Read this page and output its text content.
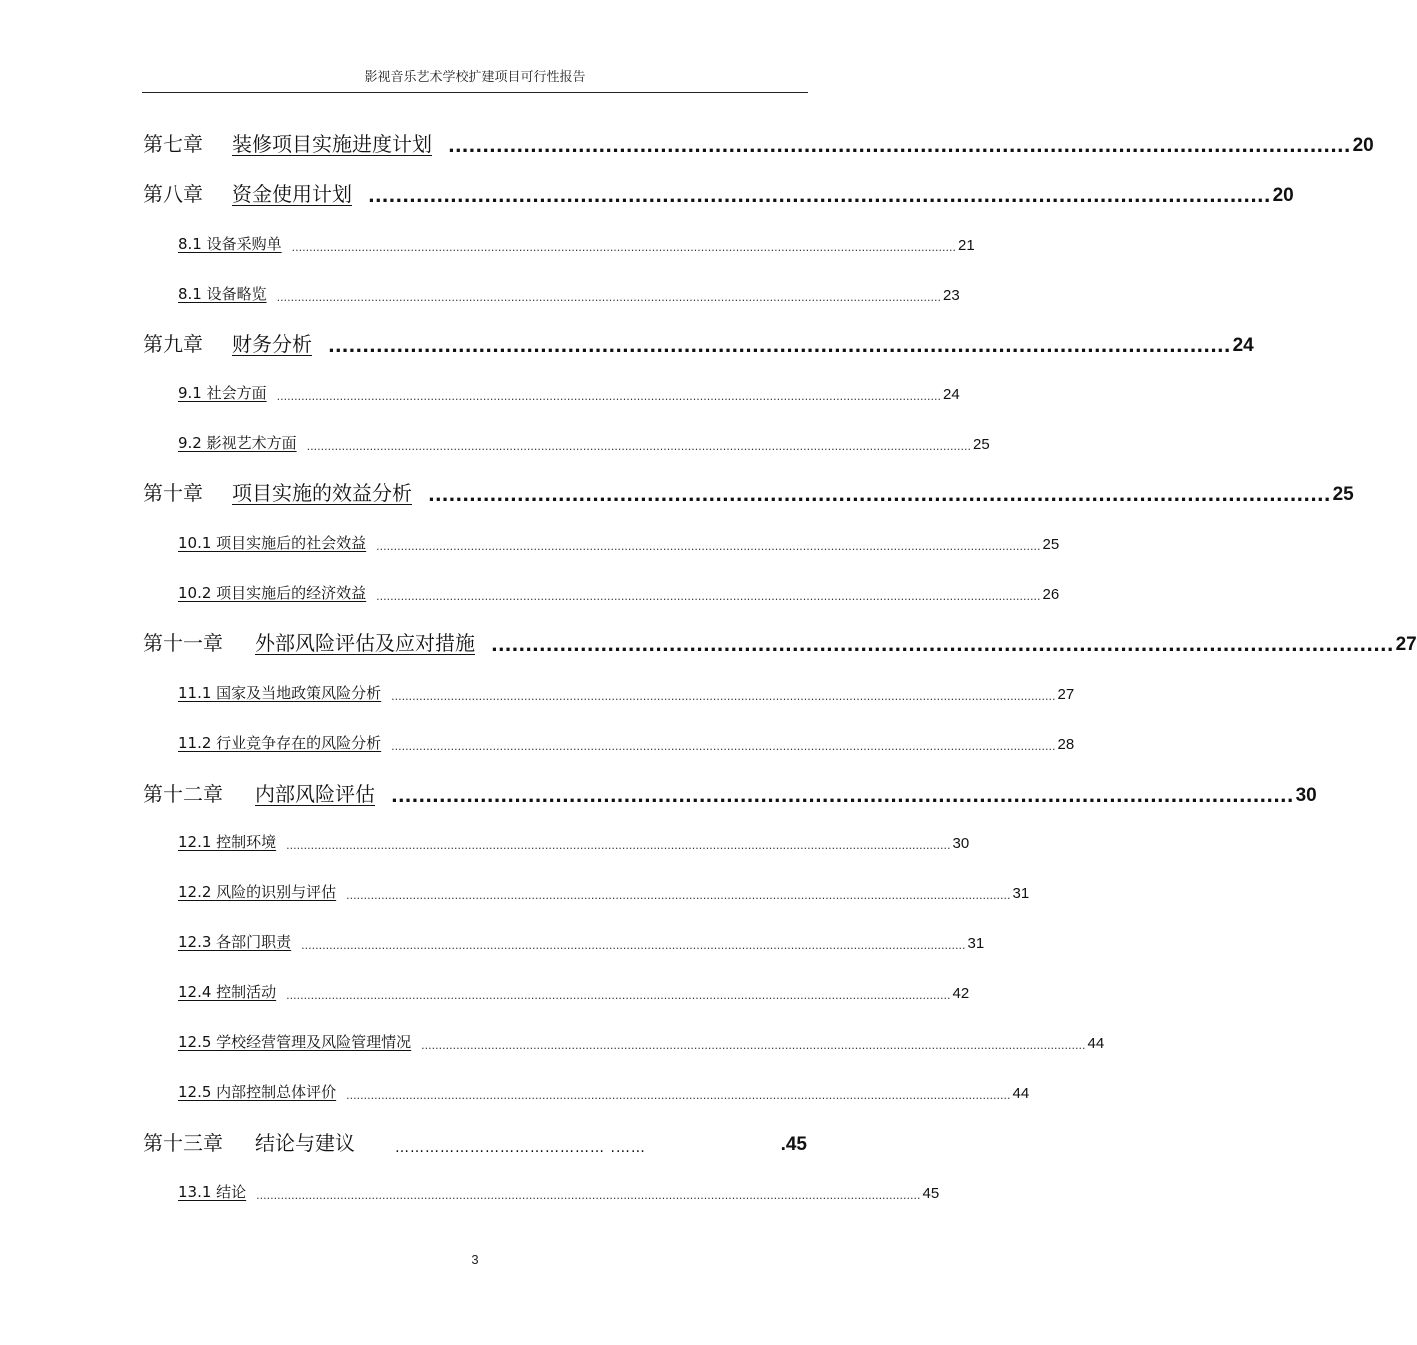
影视音乐艺术学校扩建项目可行性报告
第七章 装修项目实施进度计划 .................................................................................................................................... 20
第八章 资金使用计划 .................................................................................................................................... 20
8.1 设备采购单 .............................................................................................................................................................................................. 21
8.1 设备略览 .............................................................................................................................................................................................. 23
第九章 财务分析 .................................................................................................................................... 24
9.1 社会方面 .............................................................................................................................................................................................. 24
9.2 影视艺术方面 .............................................................................................................................................................................................. 25
第十章 项目实施的效益分析 .................................................................................................................................... 25
10.1 项目实施后的社会效益 .............................................................................................................................................................................................. 25
10.2 项目实施后的经济效益 .............................................................................................................................................................................................. 26
第十一章 外部风险评估及应对措施 .................................................................................................................................... 27
11.1 国家及当地政策风险分析 .............................................................................................................................................................................................. 27
11.2 行业竞争存在的风险分析 .............................................................................................................................................................................................. 28
第十二章 内部风险评估 .................................................................................................................................... 30
12.1 控制环境 .............................................................................................................................................................................................. 30
12.2 风险的识别与评估 .............................................................................................................................................................................................. 31
12.3 各部门职责 .............................................................................................................................................................................................. 31
12.4 控制活动 .............................................................................................................................................................................................. 42
12.5 学校经营管理及风险管理情况 .............................................................................................................................................................................................. 44
12.5 内部控制总体评价 .............................................................................................................................................................................................. 44
第十三章 结论与建议	…………………………………… .……	.45
13.1 结论 .............................................................................................................................................................................................. 45
3
